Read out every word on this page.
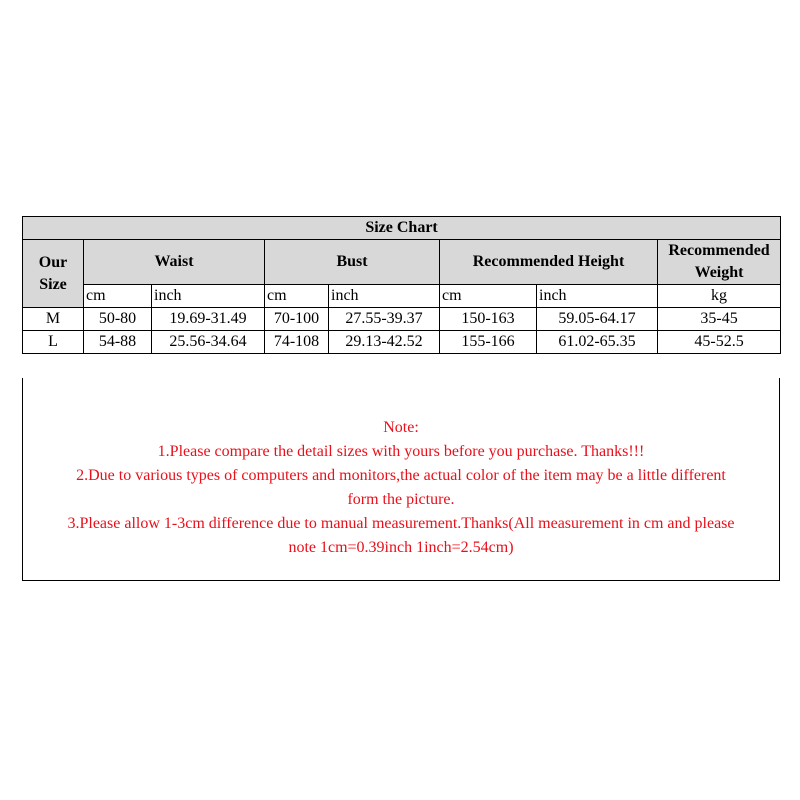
Size Chart							
Our
Size	Waist		Bust		Recommended Height		Recommended
Weight
	cm	inch	cm	inch	cm	inch	kg
M	50-80	19.69-31.49	70-100	27.55-39.37	150-163	59.05-64.17	35-45
L	54-88	25.56-34.64	74-108	29.13-42.52	155-166	61.02-65.35	45-52.5
Note:
1.Please compare the detail sizes with yours before you purchase. Thanks!!!
2.Due to various types of computers and monitors,the actual color of the item may be a little different
form the picture.
3.Please allow 1-3cm difference due to manual measurement.Thanks(All measurement in cm and please
note 1cm=0.39inch 1inch=2.54cm)
